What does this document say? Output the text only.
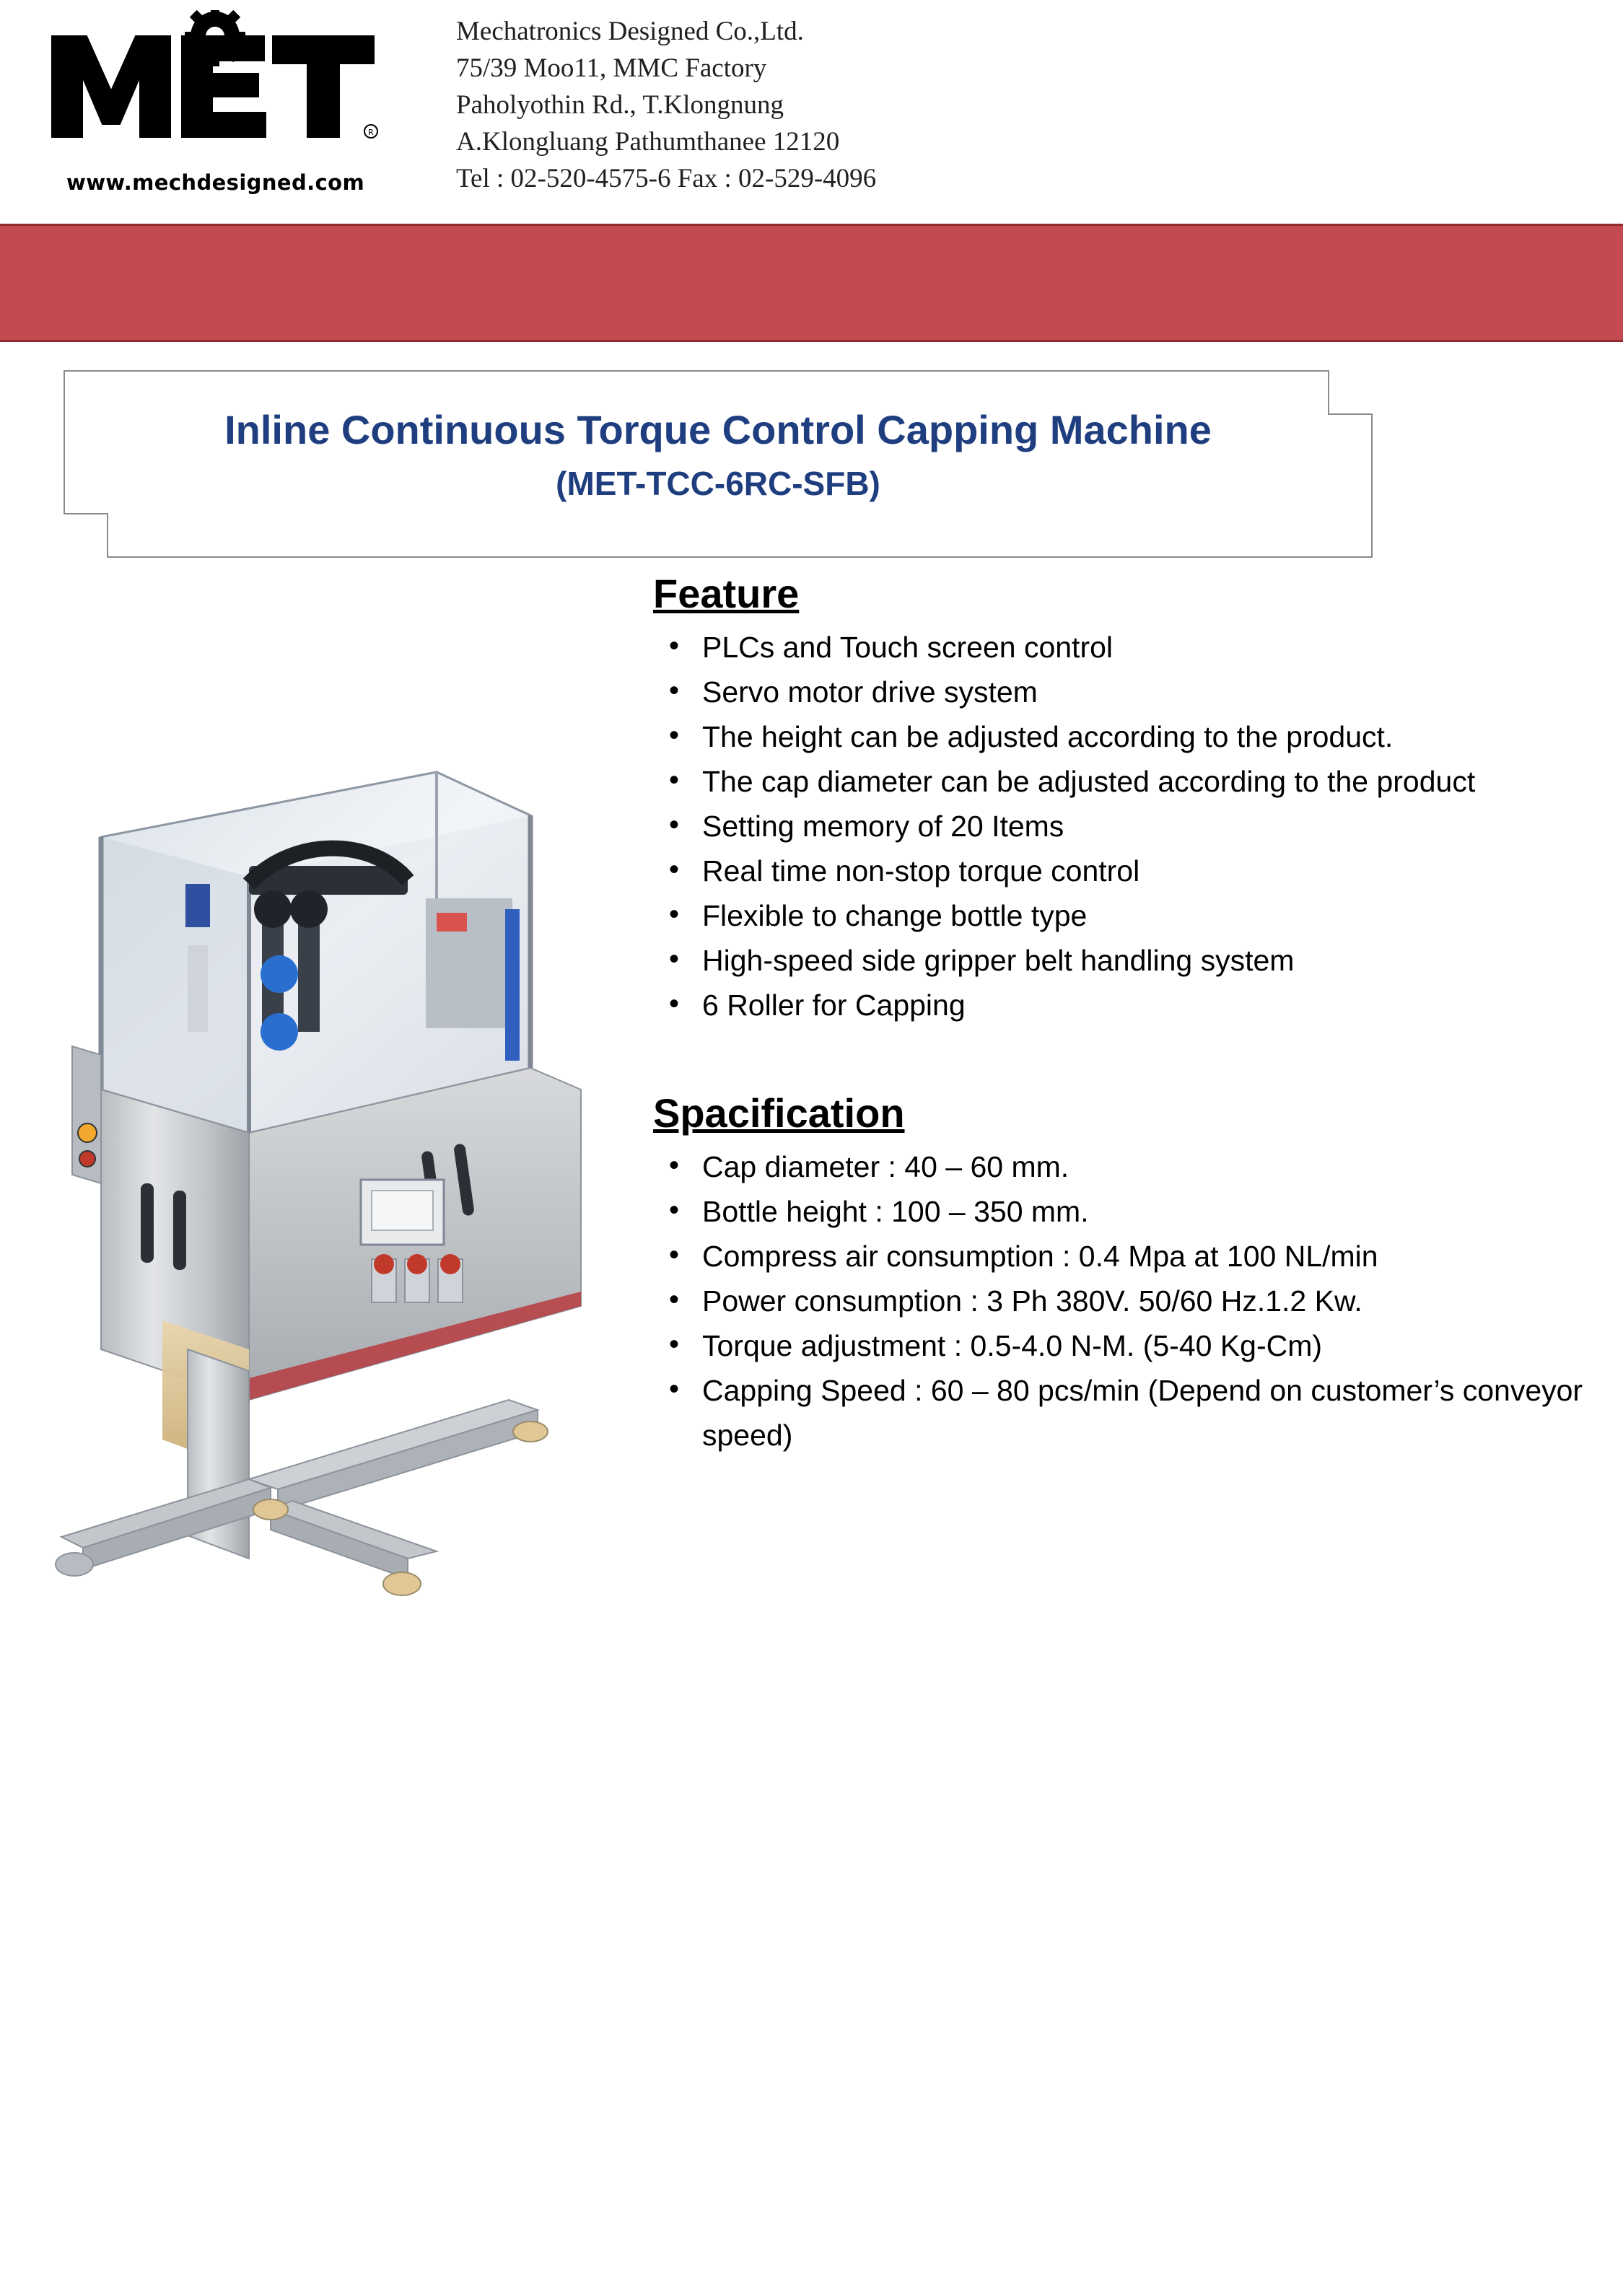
R
www.mechdesigned.com
Mechatronics Designed Co.,Ltd.
75/39 Moo11, MMC Factory
Paholyothin Rd., T.Klongnung
A.Klongluang Pathumthanee 12120
Tel : 02-520-4575-6 Fax : 02-529-4096
Inline Continuous Torque Control Capping Machine
(MET-TCC-6RC-SFB)
Feature
• PLCs and Touch screen control
• Servo motor drive system
• The height can be adjusted according to the product.
• The cap diameter can be adjusted according to the product
• Setting memory of 20 Items
• Real time non-stop torque control
• Flexible to change bottle type
• High-speed side gripper belt handling system
• 6 Roller for Capping
Spacification
• Cap diameter : 40 – 60 mm.
• Bottle height : 100 – 350 mm.
• Compress air consumption : 0.4 Mpa at 100 NL/min
• Power consumption : 3 Ph 380V. 50/60 Hz.1.2 Kw.
• Torque adjustment : 0.5-4.0 N-M. (5-40 Kg-Cm)
• Capping Speed : 60 – 80 pcs/min (Depend on customer’s conveyor speed)
